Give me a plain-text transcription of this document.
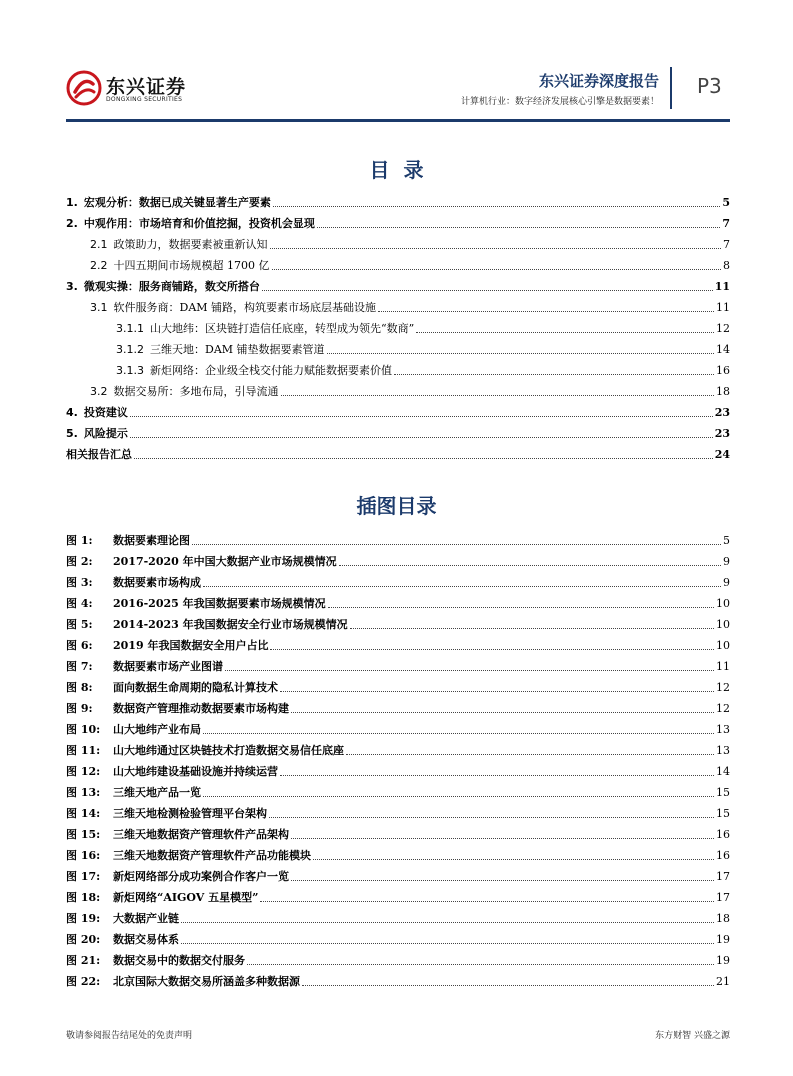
东兴证券
DONGXING SECURITIES
东兴证券深度报告
计算机行业：数字经济发展核心引擎是数据要素！
P3
目录
1. 宏观分析：数据已成关键显著生产要素	5
2. 中观作用：市场培育和价值挖掘，投资机会显现	7
2.1 政策助力，数据要素被重新认知	7
2.2 十四五期间市场规模超 1700 亿	8
3. 微观实操：服务商铺路，数交所搭台	11
3.1 软件服务商：DAM 铺路，构筑要素市场底层基础设施	11
3.1.1 山大地纬：区块链打造信任底座，转型成为领先“数商”	12
3.1.2 三维天地：DAM 铺垫数据要素管道	14
3.1.3 新炬网络：企业级全栈交付能力赋能数据要素价值	16
3.2 数据交易所：多地布局，引导流通	18
4. 投资建议	23
5. 风险提示	23
相关报告汇总	24
插图目录
图 1:	数据要素理论图	5
图 2:	2017-2020 年中国大数据产业市场规模情况	9
图 3:	数据要素市场构成	9
图 4:	2016-2025 年我国数据要素市场规模情况	10
图 5:	2014-2023 年我国数据安全行业市场规模情况	10
图 6:	2019 年我国数据安全用户占比	10
图 7:	数据要素市场产业图谱	11
图 8:	面向数据生命周期的隐私计算技术	12
图 9:	数据资产管理推动数据要素市场构建	12
图 10:	山大地纬产业布局	13
图 11:	山大地纬通过区块链技术打造数据交易信任底座	13
图 12:	山大地纬建设基础设施并持续运营	14
图 13:	三维天地产品一览	15
图 14:	三维天地检测检验管理平台架构	15
图 15:	三维天地数据资产管理软件产品架构	16
图 16:	三维天地数据资产管理软件产品功能模块	16
图 17:	新炬网络部分成功案例合作客户一览	17
图 18:	新炬网络“AIGOV 五星模型”	17
图 19:	大数据产业链	18
图 20:	数据交易体系	19
图 21:	数据交易中的数据交付服务	19
图 22:	北京国际大数据交易所涵盖多种数据源	21
敬请参阅报告结尾处的免责声明	东方财智 兴盛之源
